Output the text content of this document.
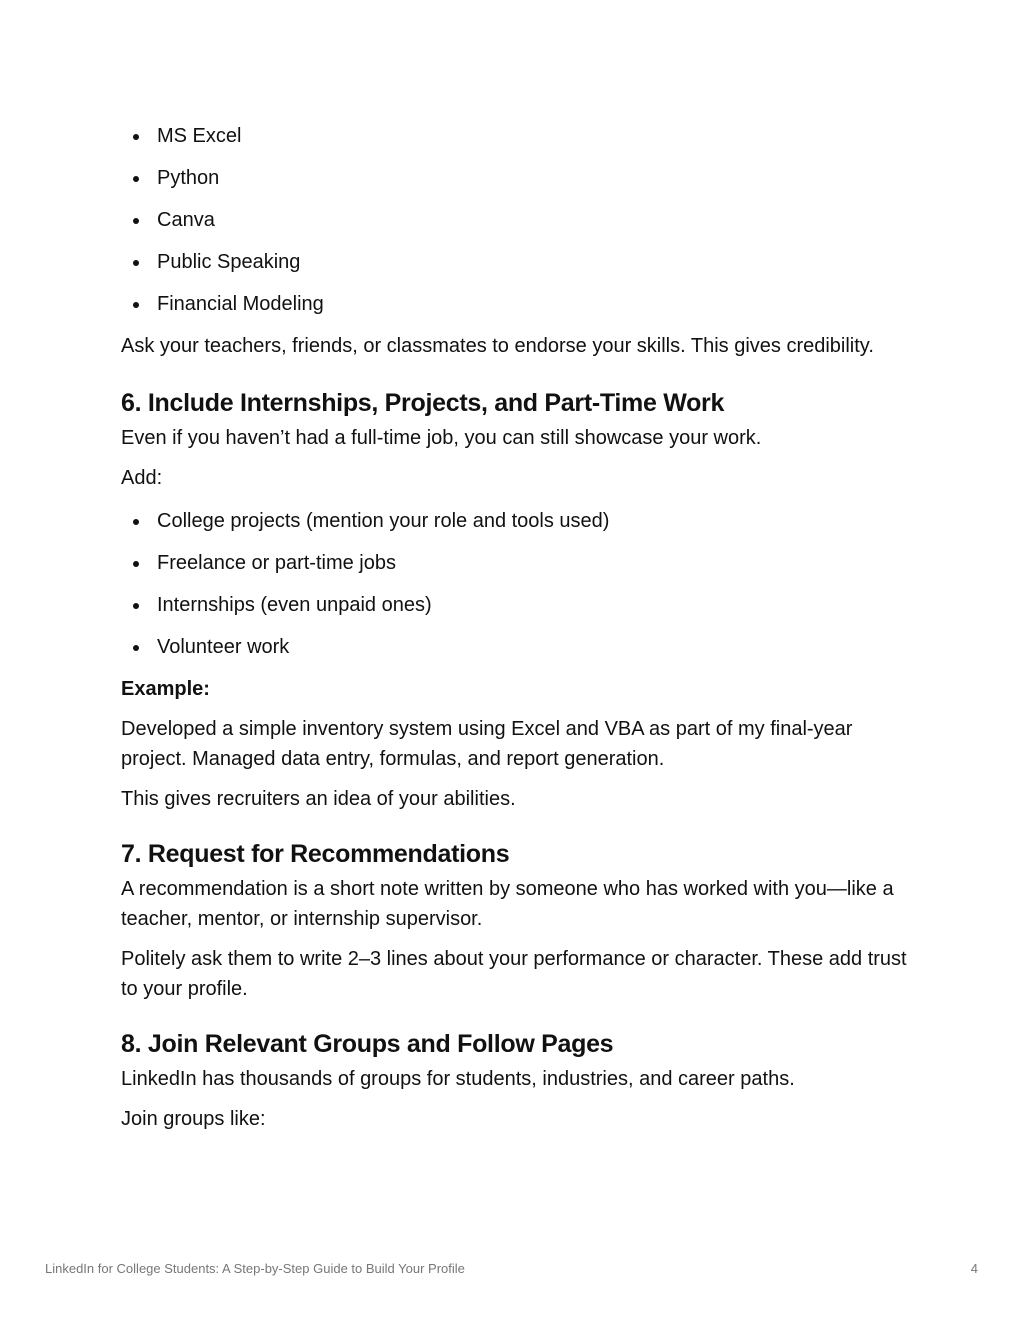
MS Excel
Python
Canva
Public Speaking
Financial Modeling

Ask your teachers, friends, or classmates to endorse your skills. This gives credibility.

6. Include Internships, Projects, and Part-Time Work

Even if you haven’t had a full-time job, you can still showcase your work.

Add:

College projects (mention your role and tools used)
Freelance or part-time jobs
Internships (even unpaid ones)
Volunteer work

Example:

Developed a simple inventory system using Excel and VBA as part of my final-year project. Managed data entry, formulas, and report generation.

This gives recruiters an idea of your abilities.

7. Request for Recommendations

A recommendation is a short note written by someone who has worked with you—like a teacher, mentor, or internship supervisor.

Politely ask them to write 2–3 lines about your performance or character. These add trust to your profile.

8. Join Relevant Groups and Follow Pages

LinkedIn has thousands of groups for students, industries, and career paths.

Join groups like:

LinkedIn for College Students: A Step-by-Step Guide to Build Your Profile	4
